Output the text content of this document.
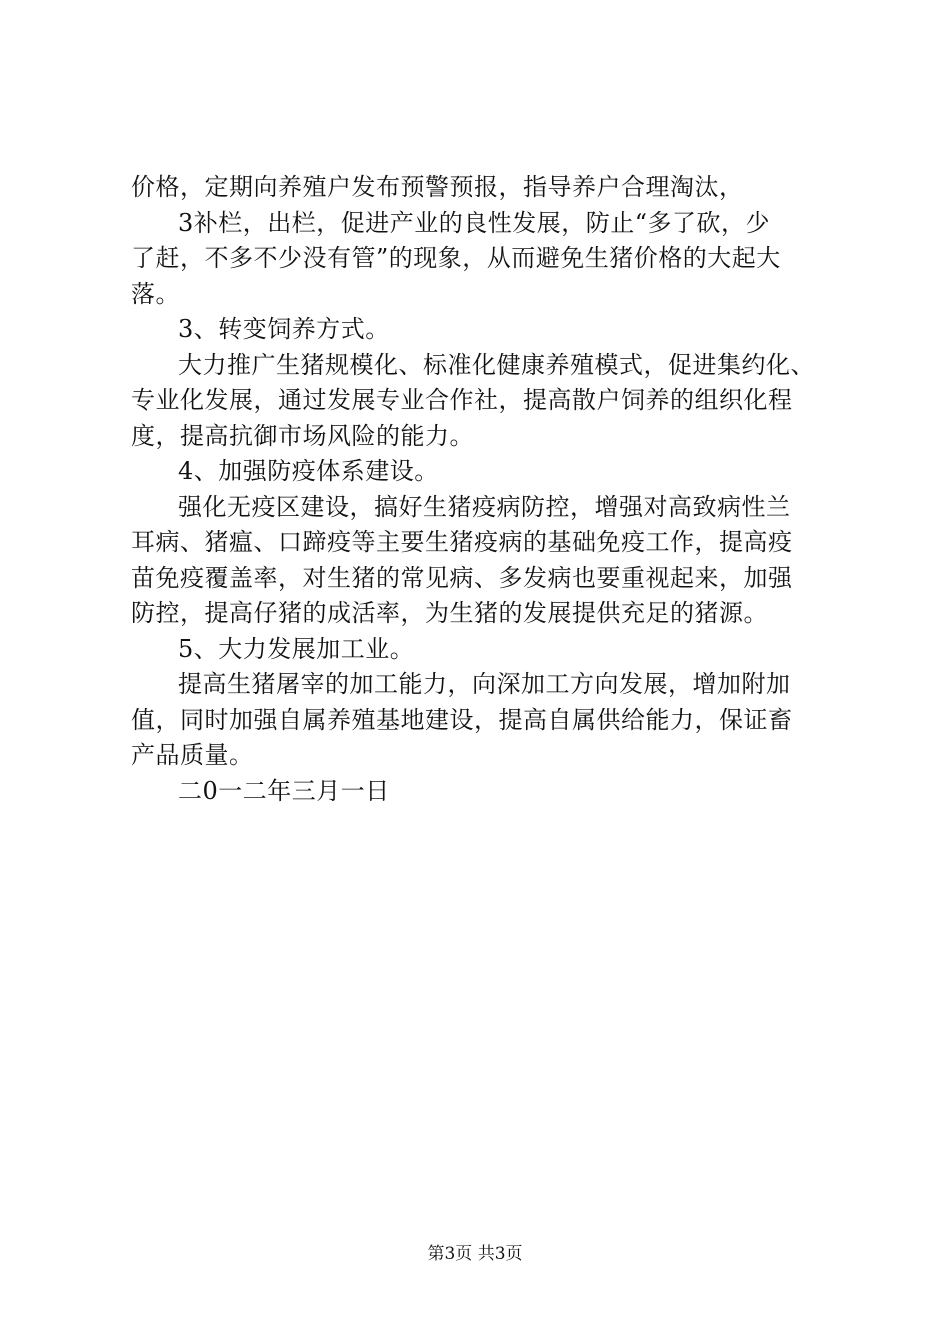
价格，定期向养殖户发布预警预报，指导养户合理淘汰，
3补栏，出栏，促进产业的良性发展，防止“多了砍，少
了赶，不多不少没有管”的现象，从而避免生猪价格的大起大
落。
3、转变饲养方式。
大力推广生猪规模化、标准化健康养殖模式，促进集约化、
专业化发展，通过发展专业合作社，提高散户饲养的组织化程
度，提高抗御市场风险的能力。
4、加强防疫体系建设。
强化无疫区建设，搞好生猪疫病防控，增强对高致病性兰
耳病、猪瘟、口蹄疫等主要生猪疫病的基础免疫工作，提高疫
苗免疫覆盖率，对生猪的常见病、多发病也要重视起来，加强
防控，提高仔猪的成活率，为生猪的发展提供充足的猪源。
5、大力发展加工业。
提高生猪屠宰的加工能力，向深加工方向发展，增加附加
值，同时加强自属养殖基地建设，提高自属供给能力，保证畜
产品质量。
二0一二年三月一日
第3页 共3页
